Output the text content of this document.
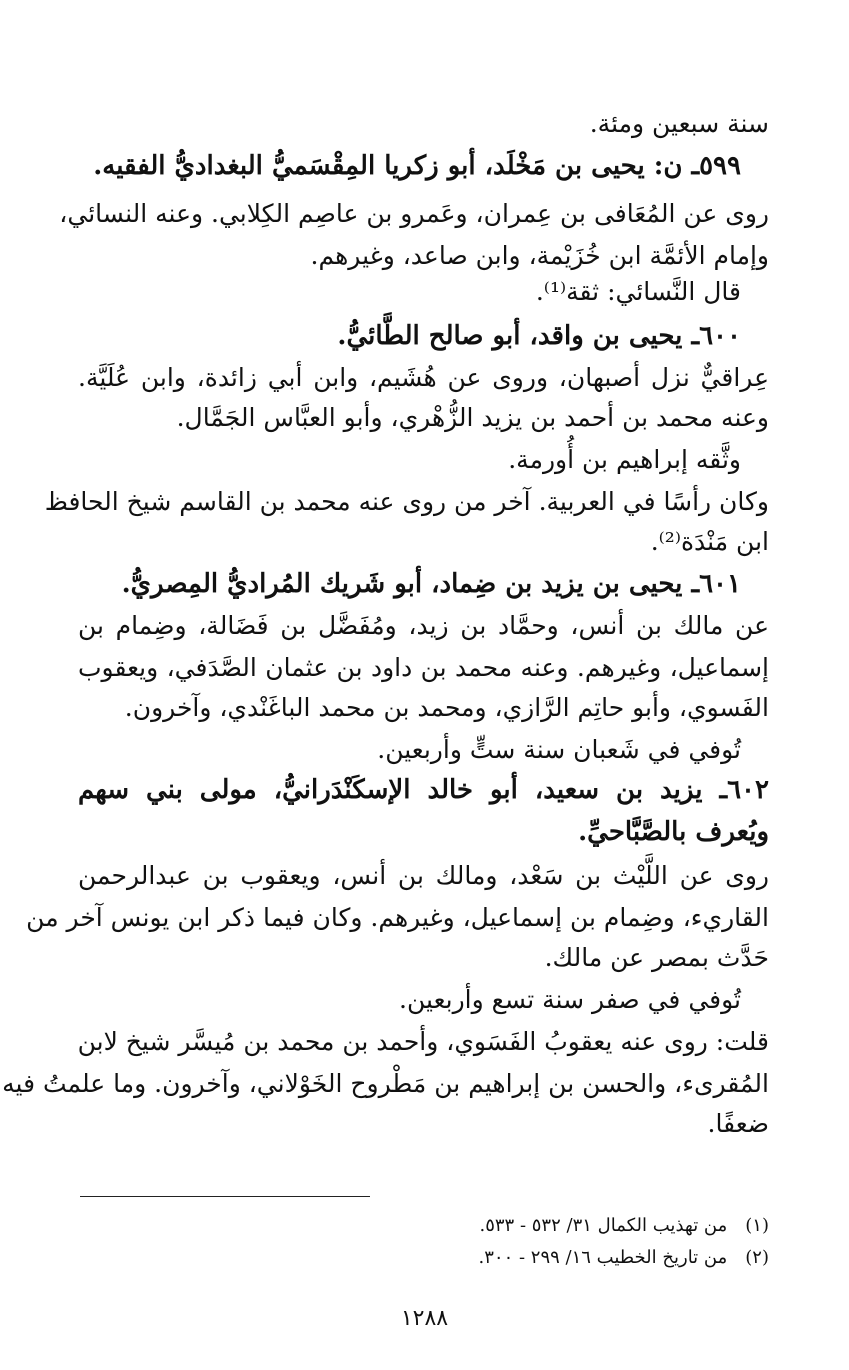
سنة سبعين ومئة.
٥٩٩ـ ن: يحيى بن مَخْلَد، أبو زكريا المِقْسَميُّ البغداديُّ الفقيه.
روى عن المُعَافى بن عِمران، وعَمرو بن عاصِم الكِلابي. وعنه النسائي،
وإمام الأئمَّة ابن خُزَيْمة، وابن صاعد، وغيرهم.
قال النَّسائي: ثقة⁽¹⁾.
٦٠٠ـ يحيى بن واقد، أبو صالح الطَّائيُّ.
عِراقيٌّ نزل أصبهان، وروى عن هُشَيم، وابن أبي زائدة، وابن عُلَيَّة.
وعنه محمد بن أحمد بن يزيد الزُّهْري، وأبو العبَّاس الجَمَّال.
وثَّقه إبراهيم بن أُورمة.
وكان رأسًا في العربية. آخر من روى عنه محمد بن القاسم شيخ الحافظ
ابن مَنْدَة⁽²⁾.
٦٠١ـ يحيى بن يزيد بن ضِماد، أبو شَريك المُراديُّ المِصريُّ.
عن مالك بن أنس، وحمَّاد بن زيد، ومُفَضَّل بن فَضَالة، وضِمام بن
إسماعيل، وغيرهم. وعنه محمد بن داود بن عثمان الصَّدَفي، ويعقوب
الفَسوي، وأبو حاتِم الرَّازي، ومحمد بن محمد الباغَنْدي، وآخرون.
تُوفي في شَعبان سنة ستٍّ وأربعين.
٦٠٢ـ يزيد بن سعيد، أبو خالد الإسكَنْدَرانيُّ، مولى بني سهم
ويُعرف بالصَّبَّاحيِّ.
روى عن اللَّيْث بن سَعْد، ومالك بن أنس، ويعقوب بن عبدالرحمن
القاريء، وضِمام بن إسماعيل، وغيرهم. وكان فيما ذكر ابن يونس آخر من
حَدَّث بمصر عن مالك.
تُوفي في صفر سنة تسع وأربعين.
قلت: روى عنه يعقوبُ الفَسَوي، وأحمد بن محمد بن مُيسَّر شيخ لابن
المُقرىء، والحسن بن إبراهيم بن مَطْروح الخَوْلاني، وآخرون. وما علمتُ فيه
ضعفًا.
(١) من تهذيب الكمال ٣١/ ٥٣٢ - ٥٣٣.
(٢) من تاريخ الخطيب ١٦/ ٢٩٩ - ٣٠٠.
١٢٨٨
